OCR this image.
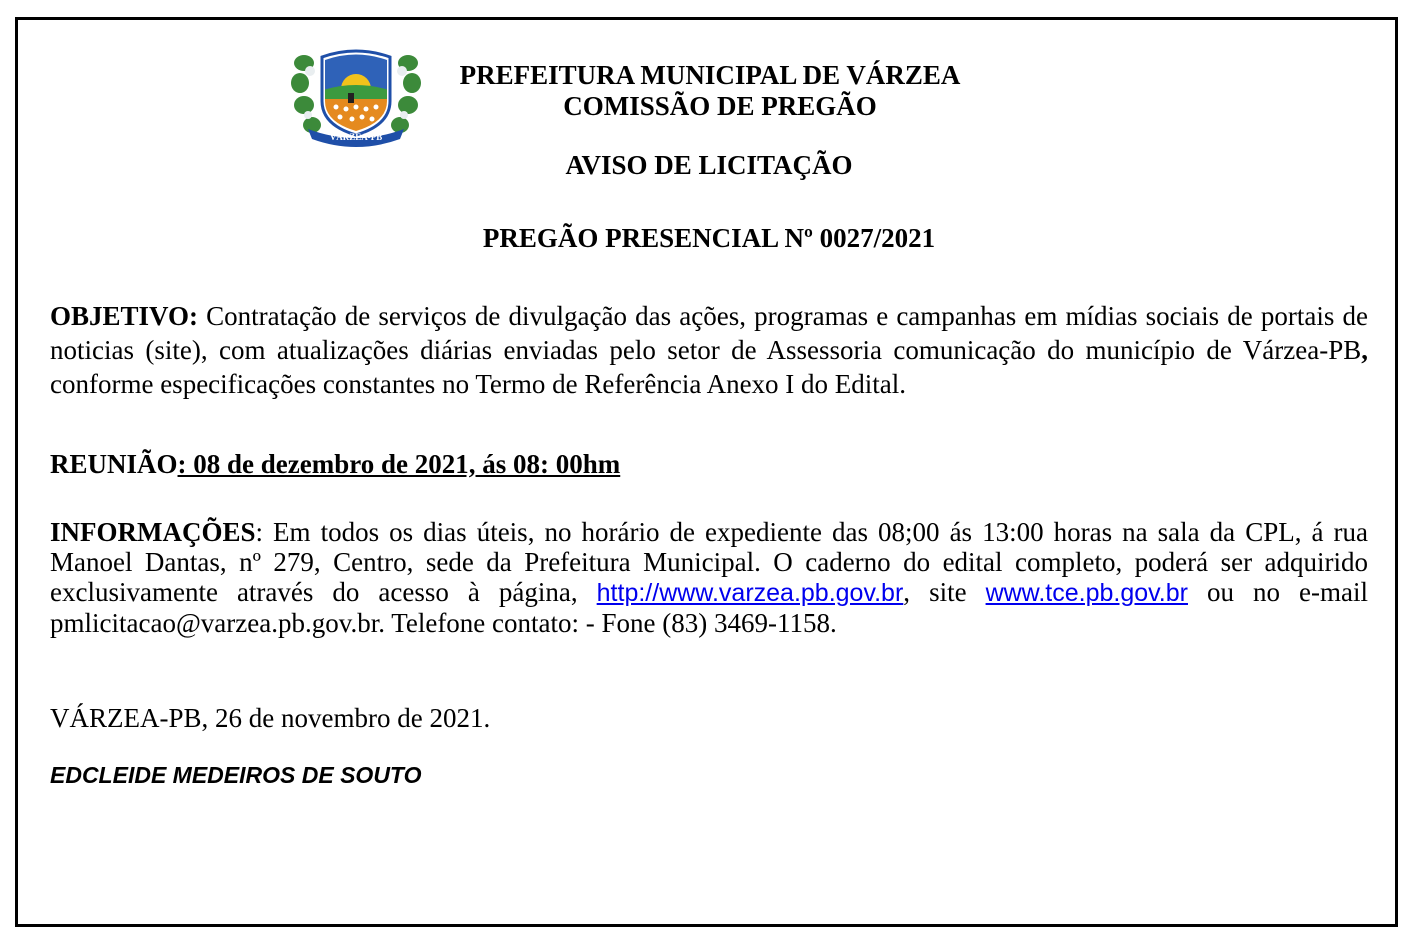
VÁRZEA-PB
PREFEITURA MUNICIPAL DE VÁRZEA
COMISSÃO DE PREGÃO
AVISO DE LICITAÇÃO
PREGÃO PRESENCIAL Nº 0027/2021
OBJETIVO: Contratação de serviços de divulgação das ações, programas e campanhas em mídias sociais de portais de noticias (site), com atualizações diárias enviadas pelo setor de Assessoria comunicação do município de Várzea-PB, conforme especificações constantes no Termo de Referência Anexo I do Edital.
REUNIÃO: 08 de dezembro de 2021, ás 08: 00hm
INFORMAÇÕES: Em todos os dias úteis, no horário de expediente das 08;00 ás 13:00 horas na sala da CPL, á rua Manoel Dantas, nº 279, Centro, sede da Prefeitura Municipal. O caderno do edital completo, poderá ser adquirido exclusivamente através do acesso à página, http://www.varzea.pb.gov.br, site www.tce.pb.gov.br ou no e-mail pmlicitacao@varzea.pb.gov.br. Telefone contato: - Fone (83) 3469-1158.
VÁRZEA-PB, 26 de novembro de 2021.
EDCLEIDE MEDEIROS DE SOUTO
